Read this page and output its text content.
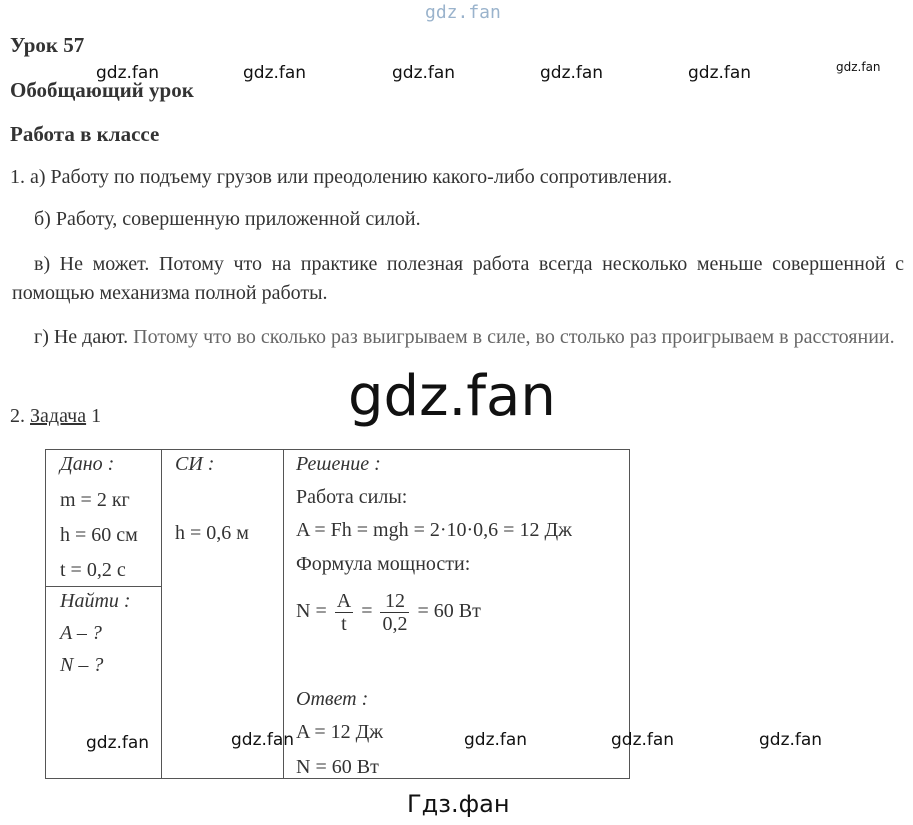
gdz.fan
gdz.fan	gdz.fan	gdz.fan	gdz.fan	gdz.fan	gdz.fan
Урок 57
Обобщающий урок
Работа в классе
1. а) Работу по подъему грузов или преодолению какого-либо сопротивления.
б) Работу, совершенную приложенной силой.
в) Не может. Потому что на практике полезная работа всегда несколько меньше совершенной с помощью механизма полной работы.
г) Не дают. Потому что во сколько раз выигрываем в силе, во столько раз проигрываем в расстоянии.
gdz.fan
2. Задача 1
Дано :
m = 2 кг
h = 60 см
t = 0,2 с
Найти :
A – ?
N – ?
СИ :
h = 0,6 м
Решение :
Работа силы:
A = Fh = mgh = 2·10·0,6 = 12 Дж
Формула мощности:
$N = \frac{A}{t} = \frac{12}{0,2} = 60$ Вт
Ответ :
A = 12 Дж
N = 60 Вт
gdz.fan	gdz.fan	gdz.fan	gdz.fan	gdz.fan
Гдз.фан
